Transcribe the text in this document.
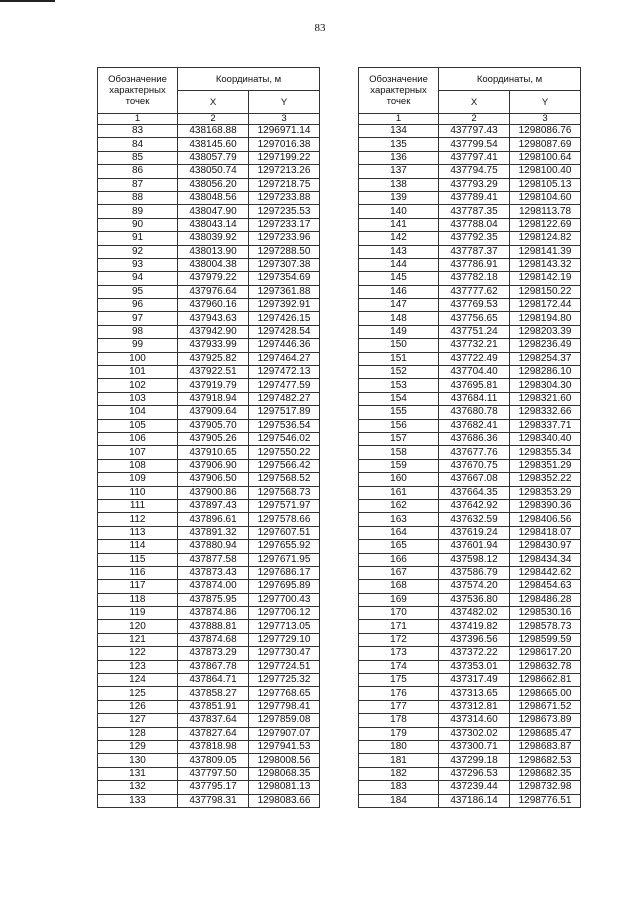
83
Обозначение характерных точек	Координаты, м	
	X	Y
1	2	3
83	438168.88	1296971.14
84	438145.60	1297016.38
85	438057.79	1297199.22
86	438050.74	1297213.26
87	438056.20	1297218.75
88	438048.56	1297233.88
89	438047.90	1297235.53
90	438043.14	1297233.17
91	438039.92	1297233.96
92	438013.90	1297288.50
93	438004.38	1297307.38
94	437979.22	1297354.69
95	437976.64	1297361.88
96	437960.16	1297392.91
97	437943.63	1297426.15
98	437942.90	1297428.54
99	437933.99	1297446.36
100	437925.82	1297464.27
101	437922.51	1297472.13
102	437919.79	1297477.59
103	437918.94	1297482.27
104	437909.64	1297517.89
105	437905.70	1297536.54
106	437905.26	1297546.02
107	437910.65	1297550.22
108	437906.90	1297566.42
109	437906.50	1297568.52
110	437900.86	1297568.73
111	437897.43	1297571.97
112	437896.61	1297578.66
113	437891.32	1297607.51
114	437880.94	1297655.92
115	437877.58	1297671.95
116	437873.43	1297686.17
117	437874.00	1297695.89
118	437875.95	1297700.43
119	437874.86	1297706.12
120	437888.81	1297713.05
121	437874.68	1297729.10
122	437873.29	1297730.47
123	437867.78	1297724.51
124	437864.71	1297725.32
125	437858.27	1297768.65
126	437851.91	1297798.41
127	437837.64	1297859.08
128	437827.64	1297907.07
129	437818.98	1297941.53
130	437809.05	1298008.56
131	437797.50	1298068.35
132	437795.17	1298081.13
133	437798.31	1298083.66
Обозначение характерных точек	Координаты, м	
	X	Y
1	2	3
134	437797.43	1298086.76
135	437799.54	1298087.69
136	437797.41	1298100.64
137	437794.75	1298100.40
138	437793.29	1298105.13
139	437789.41	1298104.60
140	437787.35	1298113.78
141	437788.04	1298122.69
142	437792.35	1298124.82
143	437787.37	1298141.39
144	437786.91	1298143.32
145	437782.18	1298142.19
146	437777.62	1298150.22
147	437769.53	1298172.44
148	437756.65	1298194.80
149	437751.24	1298203.39
150	437732.21	1298236.49
151	437722.49	1298254.37
152	437704.40	1298286.10
153	437695.81	1298304.30
154	437684.11	1298321.60
155	437680.78	1298332.66
156	437682.41	1298337.71
157	437686.36	1298340.40
158	437677.76	1298355.34
159	437670.75	1298351.29
160	437667.08	1298352.22
161	437664.35	1298353.29
162	437642.92	1298390.36
163	437632.59	1298406.56
164	437619.24	1298418.07
165	437601.94	1298430.97
166	437598.12	1298434.34
167	437586.79	1298442.62
168	437574.20	1298454.63
169	437536.80	1298486.28
170	437482.02	1298530.16
171	437419.82	1298578.73
172	437396.56	1298599.59
173	437372.22	1298617.20
174	437353.01	1298632.78
175	437317.49	1298662.81
176	437313.65	1298665.00
177	437312.81	1298671.52
178	437314.60	1298673.89
179	437302.02	1298685.47
180	437300.71	1298683.87
181	437299.18	1298682.53
182	437296.53	1298682.35
183	437239.44	1298732.98
184	437186.14	1298776.51
